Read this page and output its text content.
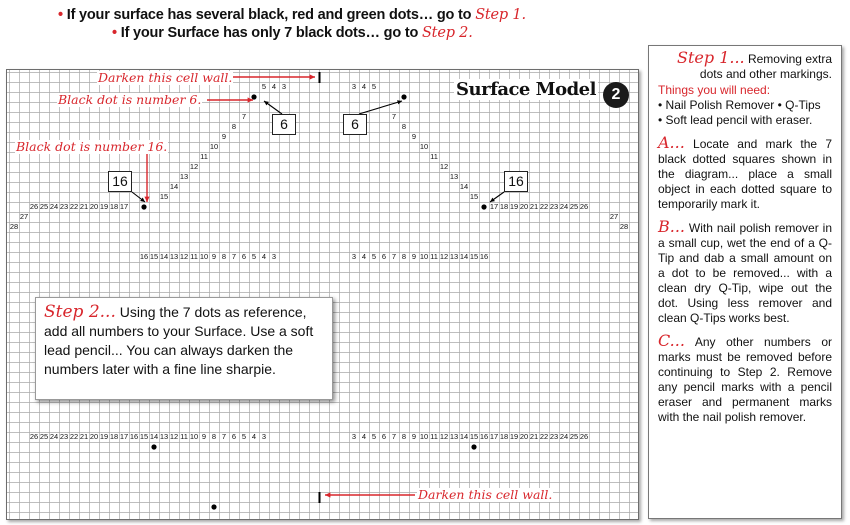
• If your surface has several black, red and green dots… go to Step 1.
• If your Surface has only 7 black dots… go to Step 2.
5 4 3	3 4 5
7
8
9
10
11
12
13
14
15
7
8
9
10
11
12
13
14
15
26 25 24 23 22 21 20 19 18 17	17 18 19 20 21 22 23 24 25 26
16 15 14 13 12 11 10 9 8 7 6 5 4 3	3 4 5 6 7 8 9 10 11 12 13 14 15 16
26 25 24 23 22 21 20 19 18 17 16 15 14 13 12 11 10 9 8 7 6 5 4 3	3 4 5 6 7 8 9 10 11 12 13 14 15 16 17 18 19 20 21 22 23 24 25 26
27
28
27
28
Surface Model 2
Darken this cell wall.
Black dot is number 6.
Black dot is number 16.
Darken this cell wall.
6	6
16	16
Step 2... Using the 7 dots as reference, add all numbers to your Surface. Use a soft lead pencil... You can always darken the numbers later with a fine line sharpie.

Step 1... Removing extra dots and other markings.

Things you will need:

• Nail Polish Remover • Q-Tips

• Soft lead pencil with eraser.

A... Locate and mark the 7 black dotted squares shown in the diagram... place a small object in each dotted square to temporarily mark it.

B... With nail polish remover in a small cup, wet the end of a Q-Tip and dab a small amount on a dot to be removed... with a clean dry Q-Tip, wipe out the dot. Using less remover and clean Q-Tips works best.

C... Any other numbers or marks must be removed before continuing to Step 2. Remove any pencil marks with a pencil eraser and permanent marks with the nail polish remover.
